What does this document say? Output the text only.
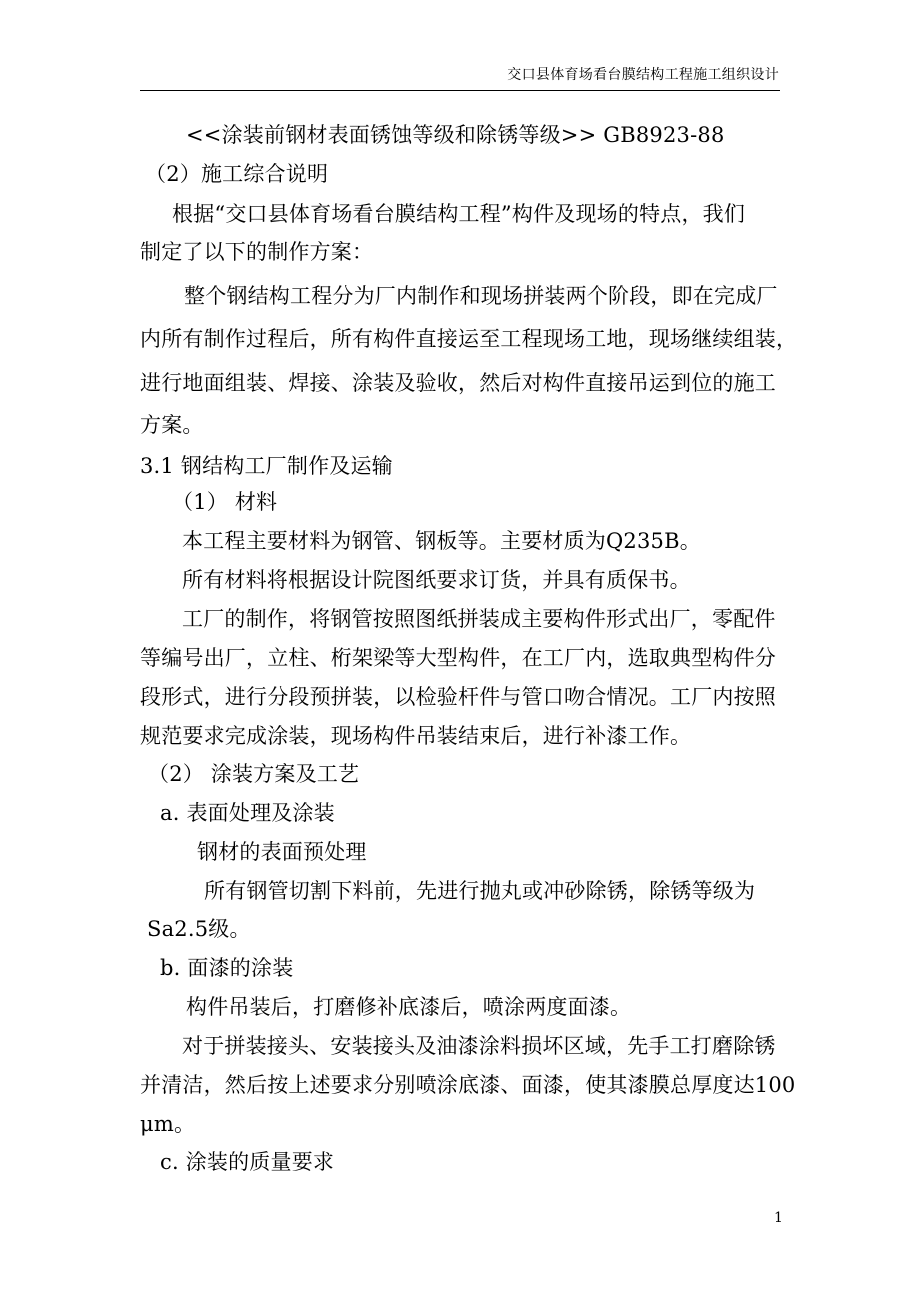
交口县体育场看台膜结构工程施工组织设计
<<涂装前钢材表面锈蚀等级和除锈等级>> GB8923-88
（2）施工综合说明
根据“交口县体育场看台膜结构工程”构件及现场的特点，我们
制定了以下的制作方案：
整个钢结构工程分为厂内制作和现场拼装两个阶段，即在完成厂
内所有制作过程后，所有构件直接运至工程现场工地，现场继续组装，
进行地面组装、焊接、涂装及验收，然后对构件直接吊运到位的施工
方案。
3.1 钢结构工厂制作及运输
（1） 材料
本工程主要材料为钢管、钢板等。主要材质为Q235B。
所有材料将根据设计院图纸要求订货，并具有质保书。
工厂的制作，将钢管按照图纸拼装成主要构件形式出厂，零配件
等编号出厂，立柱、桁架梁等大型构件，在工厂内，选取典型构件分
段形式，进行分段预拼装，以检验杆件与管口吻合情况。工厂内按照
规范要求完成涂装，现场构件吊装结束后，进行补漆工作。
（2） 涂装方案及工艺
a. 表面处理及涂装
钢材的表面预处理
所有钢管切割下料前，先进行抛丸或冲砂除锈，除锈等级为
Sa2.5级。
b. 面漆的涂装
构件吊装后，打磨修补底漆后，喷涂两度面漆。
对于拼装接头、安装接头及油漆涂料损坏区域，先手工打磨除锈
并清洁，然后按上述要求分别喷涂底漆、面漆，使其漆膜总厚度达100
μm。
c. 涂装的质量要求
1
